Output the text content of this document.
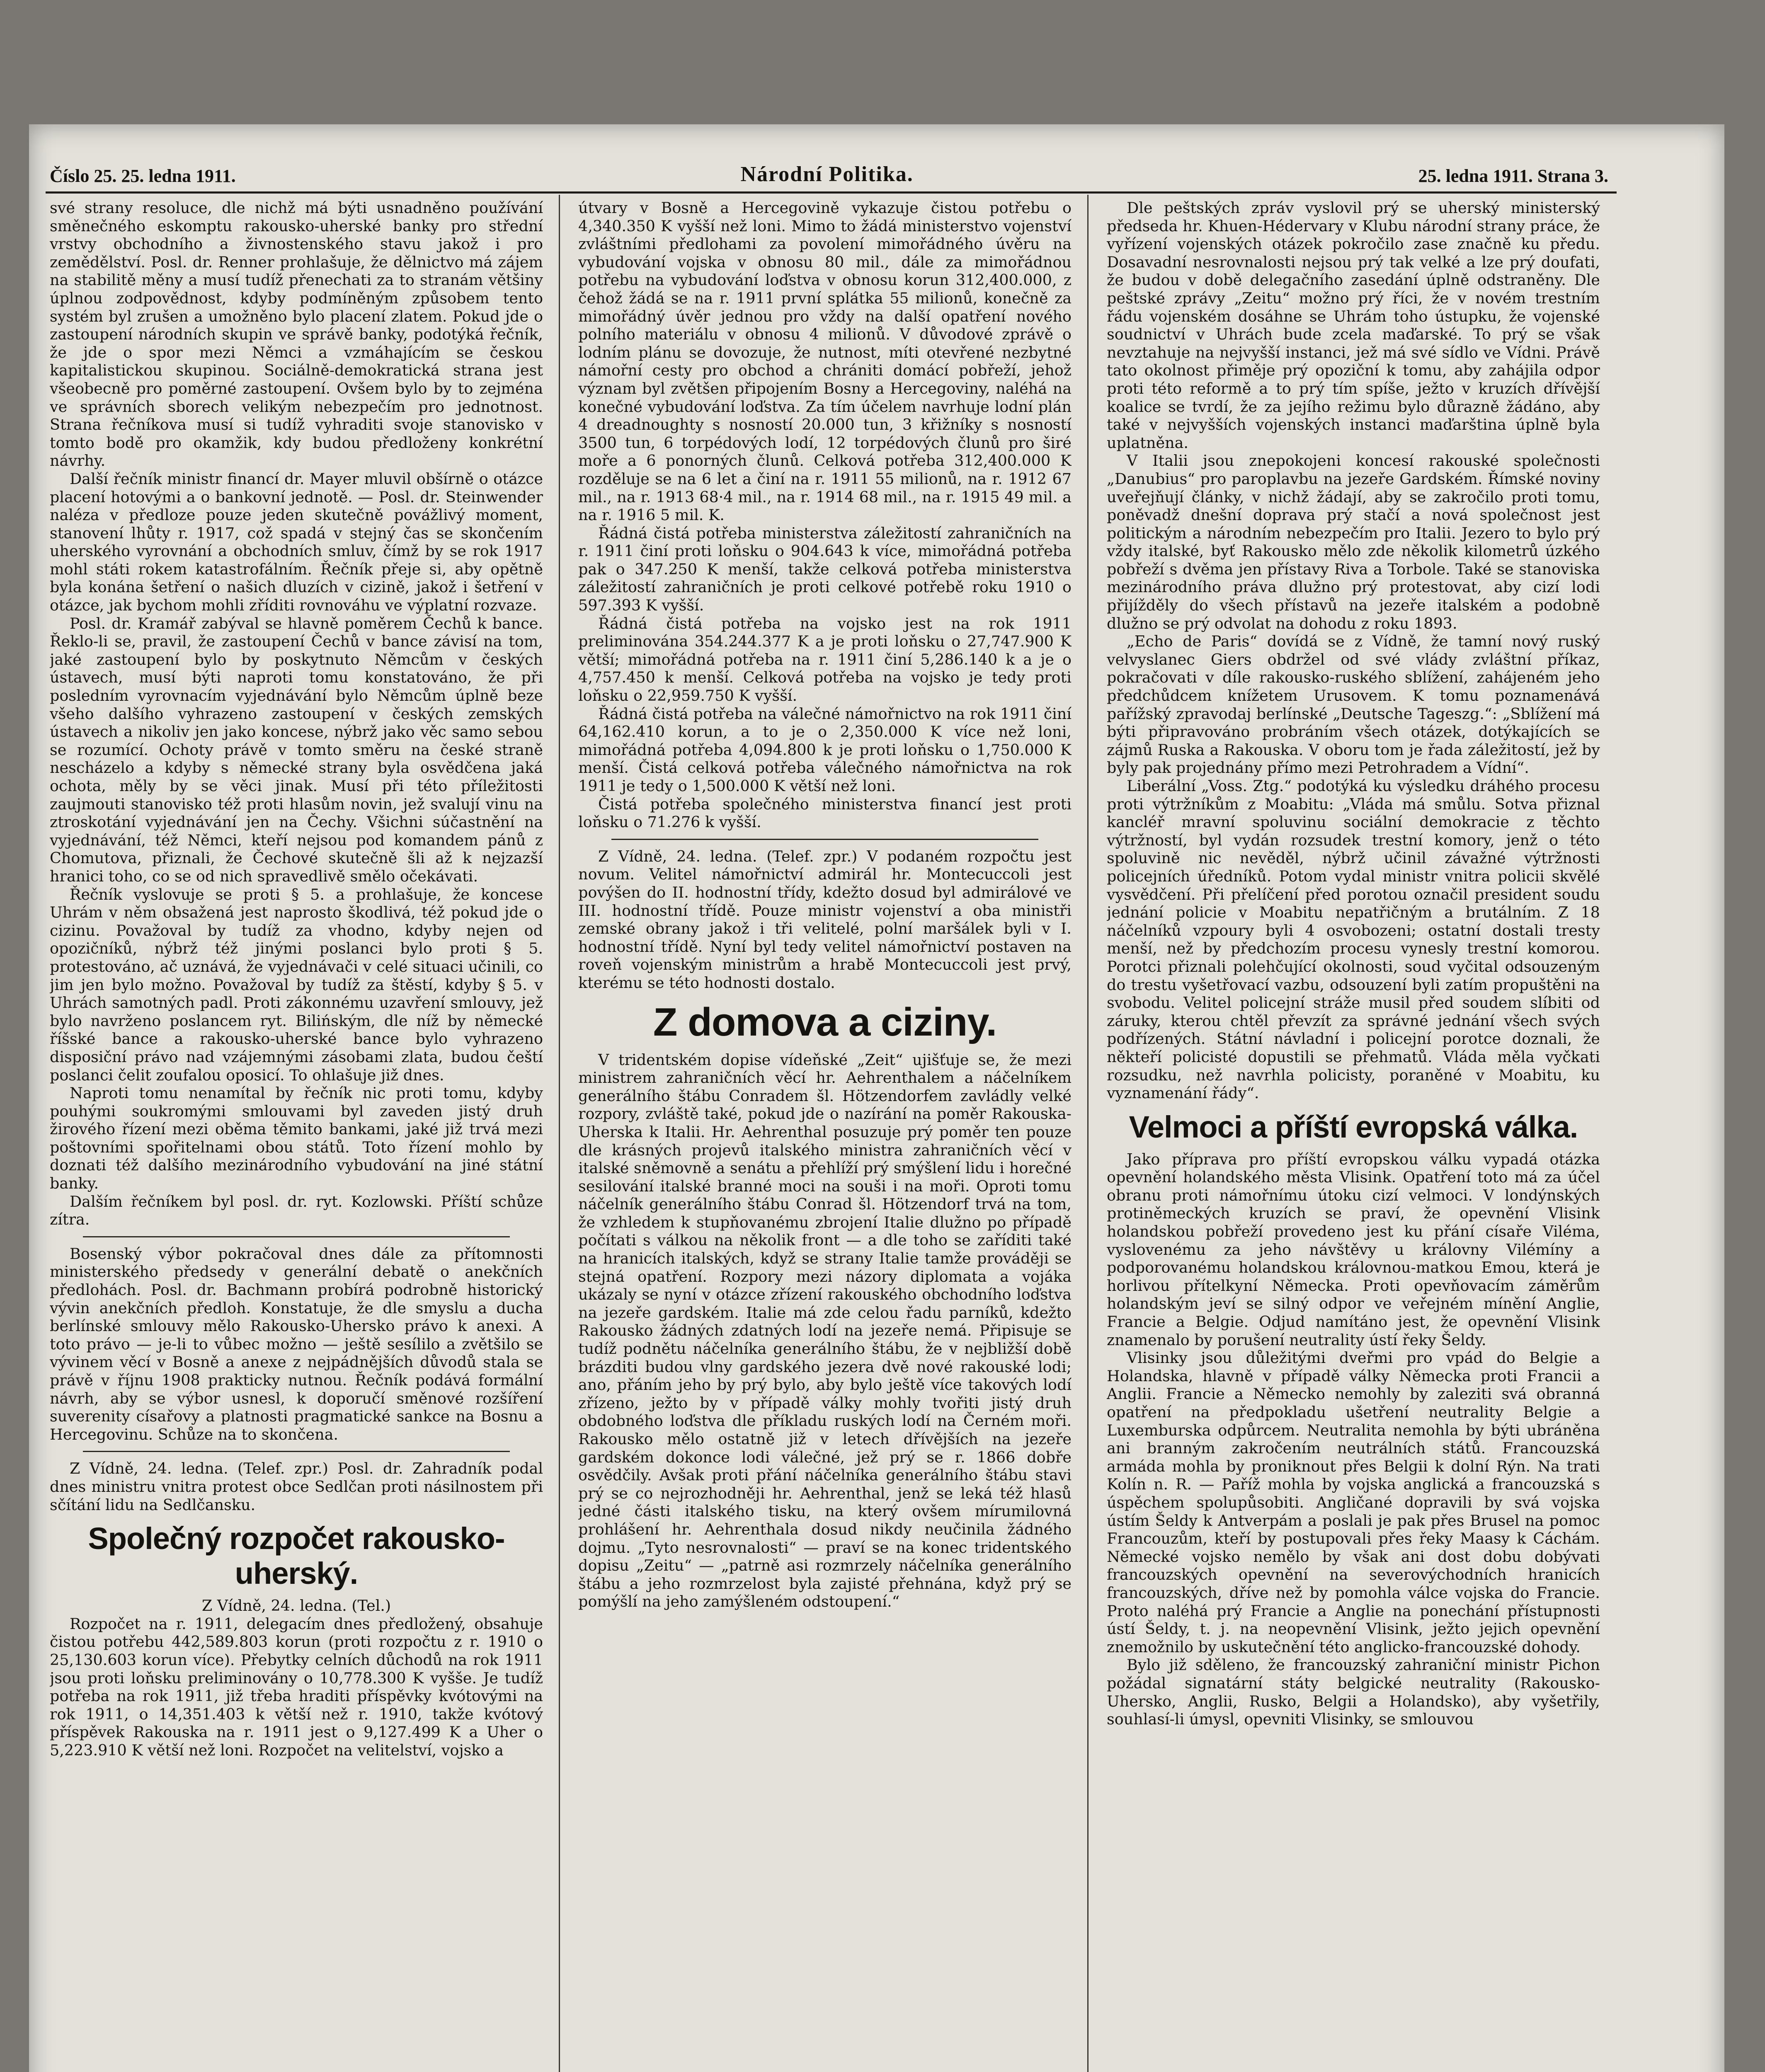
Číslo 25. 25. ledna 1911.	Národní Politika.	25. ledna 1911. Strana 3.

své strany resoluce, dle nichž má býti usnadněno používání směnečného eskomptu rakousko-uherské banky pro střední vrstvy obchodního a živnostenského stavu jakož i pro zemědělství. Posl. dr. Renner prohlašuje, že dělnictvo má zájem na stabilitě měny a musí tudíž přenechati za to stranám většiny úplnou zodpovědnost, kdyby podmíněným způsobem tento systém byl zrušen a umožněno bylo placení zlatem. Pokud jde o zastoupení národních skupin ve správě banky, podotýká řečník, že jde o spor mezi Němci a vzmáhajícím se českou kapitalistickou skupinou. Sociálně-demokratická strana jest všeobecně pro poměrné zastoupení. Ovšem bylo by to zejména ve správních sborech velikým nebezpečím pro jednotnost. Strana řečníkova musí si tudíž vyhraditi svoje stanovisko v tomto bodě pro okamžik, kdy budou předloženy konkrétní návrhy.

Další řečník ministr financí dr. Mayer mluvil obšírně o otázce placení hotovými a o bankovní jednotě. — Posl. dr. Steinwender naléza v předloze pouze jeden skutečně povážlivý moment, stanovení lhůty r. 1917, což spadá v stejný čas se skončením uherského vyrovnání a obchodních smluv, čímž by se rok 1917 mohl státi rokem katastrofálním. Řečník přeje si, aby opětně byla konána šetření o našich dluzích v cizině, jakož i šetření v otázce, jak bychom mohli zříditi rovnováhu ve výplatní rozvaze.

Posl. dr. Kramář zabýval se hlavně poměrem Čechů k bance. Řeklo-li se, pravil, že zastoupení Čechů v bance závisí na tom, jaké zastoupení bylo by poskytnuto Němcům v českých ústavech, musí býti naproti tomu konstatováno, že při posledním vyrovnacím vyjednávání bylo Němcům úplně beze všeho dalšího vyhrazeno zastoupení v českých zemských ústavech a nikoliv jen jako koncese, nýbrž jako věc samo sebou se rozumící. Ochoty právě v tomto směru na české straně nescházelo a kdyby s německé strany byla osvědčena jaká ochota, měly by se věci jinak. Musí při této příležitosti zaujmouti stanovisko též proti hlasům novin, jež svalují vinu na ztroskotání vyjednávání jen na Čechy. Všichni súčastnění na vyjednávání, též Němci, kteří nejsou pod komandem pánů z Chomutova, přiznali, že Čechové skutečně šli až k nejzazší hranici toho, co se od nich spravedlivě smělo očekávati.

Řečník vyslovuje se proti § 5. a prohlašuje, že koncese Uhrám v něm obsažená jest naprosto škodlivá, též pokud jde o cizinu. Považoval by tudíž za vhodno, kdyby nejen od opozičníků, nýbrž též jinými poslanci bylo proti § 5. protestováno, ač uznává, že vyjednávači v celé situaci učinili, co jim jen bylo možno. Považoval by tudíž za štěstí, kdyby § 5. v Uhrách samotných padl. Proti zákonnému uzavření smlouvy, jež bylo navrženo poslancem ryt. Bilińským, dle níž by německé říšské bance a rakousko-uherské bance bylo vyhrazeno disposiční právo nad vzájemnými zásobami zlata, budou čeští poslanci čelit zoufalou oposicí. To ohlašuje již dnes.

Naproti tomu nenamítal by řečník nic proti tomu, kdyby pouhými soukromými smlouvami byl zaveden jistý druh žirového řízení mezi oběma těmito bankami, jaké již trvá mezi poštovními spořitelnami obou států. Toto řízení mohlo by doznati též dalšího mezinárodního vybudování na jiné státní banky.

Dalším řečníkem byl posl. dr. ryt. Kozlowski. Příští schůze zítra.

Bosenský výbor pokračoval dnes dále za přítomnosti ministerského předsedy v generální debatě o anekčních předlohách. Posl. dr. Bachmann probírá podrobně historický vývin anekčních předloh. Konstatuje, že dle smyslu a ducha berlínské smlouvy mělo Rakousko-Uhersko právo k anexi. A toto právo — je-li to vůbec možno — ještě sesílilo a zvětšilo se vývinem věcí v Bosně a anexe z nejpádnějších důvodů stala se právě v říjnu 1908 prakticky nutnou. Řečník podává formální návrh, aby se výbor usnesl, k doporučí směnové rozšíření suverenity císařovy a platnosti pragmatické sankce na Bosnu a Hercegovinu. Schůze na to skončena.

Z Vídně, 24. ledna. (Telef. zpr.) Posl. dr. Zahradník podal dnes ministru vnitra protest obce Sedlčan proti násilnostem při sčítání lidu na Sedlčansku.

Společný rozpočet rakousko-uherský.

Z Vídně, 24. ledna. (Tel.)

Rozpočet na r. 1911, delegacím dnes předložený, obsahuje čistou potřebu 442,589.803 korun (proti rozpočtu z r. 1910 o 25,130.603 korun více). Přebytky celních důchodů na rok 1911 jsou proti loňsku preliminovány o 10,778.300 K vyšše. Je tudíž potřeba na rok 1911, již třeba hraditi příspěvky kvótovými na rok 1911, o 14,351.403 k větší než r. 1910, takže kvótový příspěvek Rakouska na r. 1911 jest o 9,127.499 K a Uher o 5,223.910 K větší než loni. Rozpočet na velitelství, vojsko a

útvary v Bosně a Hercegovině vykazuje čistou potřebu o 4,340.350 K vyšší než loni. Mimo to žádá ministerstvo vojenství zvláštními předlohami za povolení mimořádného úvěru na vybudování vojska v obnosu 80 mil., dále za mimořádnou potřebu na vybudování loďstva v obnosu korun 312,400.000, z čehož žádá se na r. 1911 první splátka 55 milionů, konečně za mimořádný úvěr jednou pro vždy na další opatření nového polního materiálu v obnosu 4 milionů. V důvodové zprávě o lodním plánu se dovozuje, že nutnost, míti otevřené nezbytné námořní cesty pro obchod a chrániti domácí pobřeží, jehož význam byl zvětšen připojením Bosny a Hercegoviny, naléhá na konečné vybudování loďstva. Za tím účelem navrhuje lodní plán 4 dreadnoughty s nosností 20.000 tun, 3 křižníky s nosností 3500 tun, 6 torpédových lodí, 12 torpédových člunů pro širé moře a 6 ponorných člunů. Celková potřeba 312,400.000 K rozděluje se na 6 let a činí na r. 1911 55 milionů, na r. 1912 67 mil., na r. 1913 68·4 mil., na r. 1914 68 mil., na r. 1915 49 mil. a na r. 1916 5 mil. K.

Řádná čistá potřeba ministerstva záležitostí zahraničních na r. 1911 činí proti loňsku o 904.643 k více, mimořádná potřeba pak o 347.250 K menší, takže celková potřeba ministerstva záležitostí zahraničních je proti celkové potřebě roku 1910 o 597.393 K vyšší.

Řádná čistá potřeba na vojsko jest na rok 1911 preliminována 354.244.377 K a je proti loňsku o 27,747.900 K větší; mimořádná potřeba na r. 1911 činí 5,286.140 k a je o 4,757.450 k menší. Celková potřeba na vojsko je tedy proti loňsku o 22,959.750 K vyšší.

Řádná čistá potřeba na válečné námořnictvo na rok 1911 činí 64,162.410 korun, a to je o 2,350.000 K více než loni, mimořádná potřeba 4,094.800 k je proti loňsku o 1,750.000 K menší. Čistá celková potřeba válečného námořnictva na rok 1911 je tedy o 1,500.000 K větší než loni.

Čistá potřeba společného ministerstva financí jest proti loňsku o 71.276 k vyšší.

Z Vídně, 24. ledna. (Telef. zpr.) V podaném rozpočtu jest novum. Velitel námořnictví admirál hr. Montecuccoli jest povýšen do II. hodnostní třídy, kdežto dosud byl admirálové ve III. hodnostní třídě. Pouze ministr vojenství a oba ministři zemské obrany jakož i tři velitelé, polní maršálek byli v I. hodnostní třídě. Nyní byl tedy velitel námořnictví postaven na roveň vojenským ministrům a hrabě Montecuccoli jest prvý, kterému se této hodnosti dostalo.

Z domova a ciziny.

V tridentském dopise vídeňské „Zeit“ ujišťuje se, že mezi ministrem zahraničních věcí hr. Aehrenthalem a náčelníkem generálního štábu Conradem šl. Hötzendorfem zavládly velké rozpory, zvláště také, pokud jde o nazírání na poměr Rakouska-Uherska k Italii. Hr. Aehrenthal posuzuje prý poměr ten pouze dle krásných projevů italského ministra zahraničních věcí v italské sněmovně a senátu a přehlíží prý smýšlení lidu i horečné sesilování italské branné moci na souši i na moři. Oproti tomu náčelník generálního štábu Conrad šl. Hötzendorf trvá na tom, že vzhledem k stupňovanému zbrojení Italie dlužno po případě počítati s válkou na několik front — a dle toho se zaříditi také na hranicích italských, když se strany Italie tamže prováději se stejná opatření. Rozpory mezi názory diplomata a vojáka ukázaly se nyní v otázce zřízení rakouského obchodního loďstva na jezeře gardském. Italie má zde celou řadu parníků, kdežto Rakousko žádných zdatných lodí na jezeře nemá. Připisuje se tudíž podnětu náčelníka generálního štábu, že v nejbližší době brázditi budou vlny gardského jezera dvě nové rakouské lodi; ano, přáním jeho by prý bylo, aby bylo ještě více takových lodí zřízeno, ježto by v případě války mohly tvořiti jistý druh obdobného loďstva dle příkladu ruských lodí na Černém moři. Rakousko mělo ostatně již v letech dřívějších na jezeře gardském dokonce lodi válečné, jež prý se r. 1866 dobře osvědčily. Avšak proti přání náčelníka generálního štábu stavi prý se co nejrozhodněji hr. Aehrenthal, jenž se leká též hlasů jedné části italského tisku, na který ovšem mírumilovná prohlášení hr. Aehrenthala dosud nikdy neučinila žádného dojmu. „Tyto nesrovnalosti“ — praví se na konec tridentského dopisu „Zeitu“ — „patrně asi rozmrzely náčelníka generálního štábu a jeho rozmrzelost byla zajisté přehnána, když prý se pomýšlí na jeho zamýšleném odstoupení.“

Dle peštských zpráv vyslovil prý se uherský ministerský předseda hr. Khuen-Hédervary v Klubu národní strany práce, že vyřízení vojenských otázek pokročilo zase značně ku předu. Dosavadní nesrovnalosti nejsou prý tak velké a lze prý doufati, že budou v době delegačního zasedání úplně odstraněny. Dle peštské zprávy „Zeitu“ možno prý říci, že v novém trestním řádu vojenském dosáhne se Uhrám toho ústupku, že vojenské soudnictví v Uhrách bude zcela maďarské. To prý se však nevztahuje na nejvyšší instanci, jež má své sídlo ve Vídni. Právě tato okolnost přiměje prý opoziční k tomu, aby zahájila odpor proti této reformě a to prý tím spíše, ježto v kruzích dřívější koalice se tvrdí, že za jejího režimu bylo důrazně žádáno, aby také v nejvyšších vojenských instanci maďarština úplně byla uplatněna.

V Italii jsou znepokojeni koncesí rakouské společnosti „Danubius“ pro paroplavbu na jezeře Gardském. Římské noviny uveřejňují články, v nichž žádají, aby se zakročilo proti tomu, poněvadž dnešní doprava prý stačí a nová společnost jest politickým a národním nebezpečím pro Italii. Jezero to bylo prý vždy italské, byť Rakousko mělo zde několik kilometrů úzkého pobřeží s dvěma jen přístavy Riva a Torbole. Také se stanoviska mezinárodního práva dlužno prý protestovat, aby cizí lodi přijížděly do všech přístavů na jezeře italském a podobně dlužno se prý odvolat na dohodu z roku 1893.

„Echo de Paris“ dovídá se z Vídně, že tamní nový ruský velvyslanec Giers obdržel od své vlády zvláštní příkaz, pokračovati v díle rakousko-ruského sblížení, zahájeném jeho předchůdcem knížetem Urusovem. K tomu poznamenává pařížský zpravodaj berlínské „Deutsche Tageszg.“: „Sblížení má býti připravováno probráním všech otázek, dotýkajících se zájmů Ruska a Rakouska. V oboru tom je řada záležitostí, jež by byly pak projednány přímo mezi Petrohradem a Vídní“.

Liberální „Voss. Ztg.“ podotýká ku výsledku dráhého procesu proti výtržníkům z Moabitu: „Vláda má smůlu. Sotva přiznal kancléř mravní spoluvinu sociální demokracie z těchto výtržností, byl vydán rozsudek trestní komory, jenž o této spoluvině nic nevěděl, nýbrž učinil závažné výtržnosti policejních úředníků. Potom vydal ministr vnitra policii skvělé vysvědčení. Při přelíčení před porotou označil president soudu jednání policie v Moabitu nepatřičným a brutálním. Z 18 náčelníků vzpoury byli 4 osvobozeni; ostatní dostali tresty menší, než by předchozím procesu vynesly trestní komorou. Porotci přiznali polehčující okolnosti, soud vyčital odsouzeným do trestu vyšetřovací vazbu, odsouzení byli zatím propuštěni na svobodu. Velitel policejní stráže musil před soudem slíbiti od záruky, kterou chtěl převzít za správné jednání všech svých podřízených. Státní návladní i policejní porotce doznali, že někteří policisté dopustili se přehmatů. Vláda měla vyčkati rozsudku, než navrhla policisty, poraněné v Moabitu, ku vyznamenání řády“.

Velmoci a příští evropská válka.

Jako příprava pro příští evropskou válku vypadá otázka opevnění holandského města Vlisink. Opatření toto má za účel obranu proti námořnímu útoku cizí velmoci. V londýnských protiněmeckých kruzích se praví, že opevnění Vlisink holandskou pobřeží provedeno jest ku přání císaře Viléma, vyslovenému za jeho návštěvy u královny Vilémíny a podporovanému holandskou královnou-matkou Emou, která je horlivou přítelkyní Německa. Proti opevňovacím záměrům holandským jeví se silný odpor ve veřejném mínění Anglie, Francie a Belgie. Odjud namítáno jest, že opevnění Vlisink znamenalo by porušení neutrality ústí řeky Šeldy.

Vlisinky jsou důležitými dveřmi pro vpád do Belgie a Holandska, hlavně v případě války Německa proti Francii a Anglii. Francie a Německo nemohly by zaleziti svá obranná opatření na předpokladu ušetření neutrality Belgie a Luxemburska odpůrcem. Neutralita nemohla by býti ubráněna ani branným zakročením neutrálních států. Francouzská armáda mohla by proniknout přes Belgii k dolní Rýn. Na trati Kolín n. R. — Paříž mohla by vojska anglická a francouzská s úspěchem spolupůsobiti. Angličané dopravili by svá vojska ústím Šeldy k Antverpám a poslali je pak přes Brusel na pomoc Francouzům, kteří by postupovali přes řeky Maasy k Cáchám. Německé vojsko nemělo by však ani dost dobu dobývati francouzských opevnění na severovýchodních hranicích francouzských, dříve než by pomohla válce vojska do Francie. Proto naléhá prý Francie a Anglie na ponechání přístupnosti ústí Šeldy, t. j. na neopevnění Vlisink, ježto jejich opevnění znemožnilo by uskutečnění této anglicko-francouzské dohody.

Bylo již sděleno, že francouzský zahraniční ministr Pichon požádal signatární státy belgické neutrality (Rakousko-Uhersko, Anglii, Rusko, Belgii a Holandsko), aby vyšetřily, souhlasí-li úmysl, opevniti Vlisinky, se smlouvou
